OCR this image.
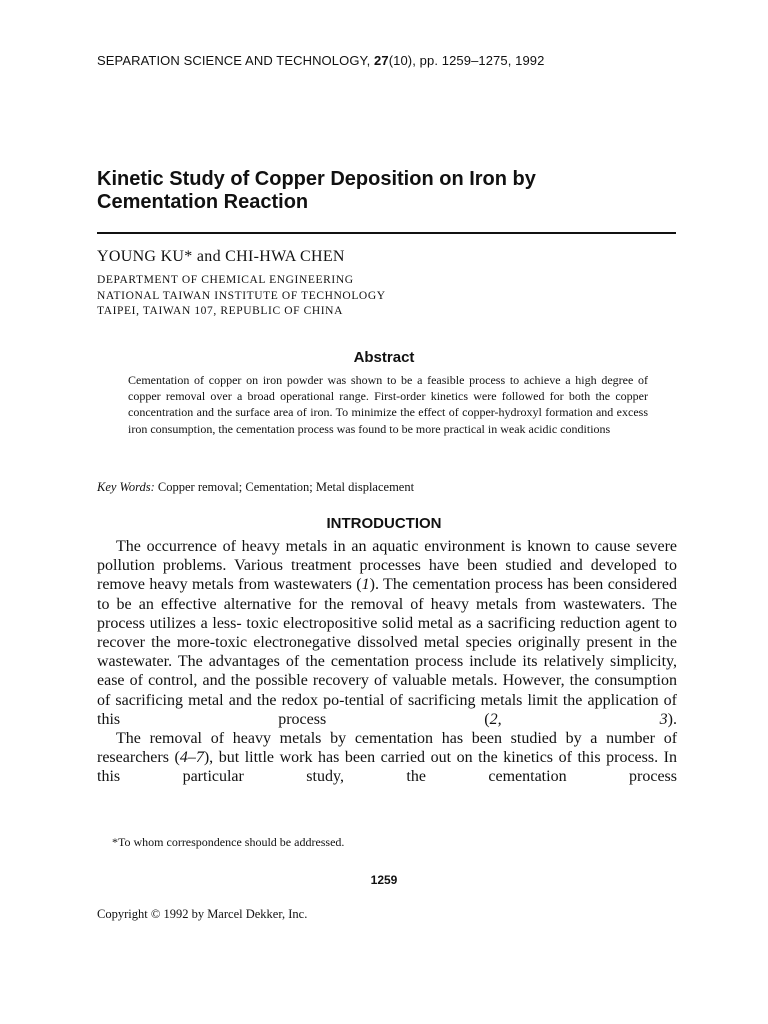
SEPARATION SCIENCE AND TECHNOLOGY, 27(10), pp. 1259–1275, 1992
Kinetic Study of Copper Deposition on Iron by
Cementation Reaction
YOUNG KU* and CHI-HWA CHEN
DEPARTMENT OF CHEMICAL ENGINEERING
NATIONAL TAIWAN INSTITUTE OF TECHNOLOGY
TAIPEI, TAIWAN 107, REPUBLIC OF CHINA
Abstract
Cementation of copper on iron powder was shown to be a feasible process to achieve a high degree of copper removal over a broad operational range. First-order kinetics were followed for both the copper concentration and the surface area of iron. To minimize the effect of copper-hydroxyl formation and excess iron consumption, the cementation process was found to be more practical in weak acidic conditions
Key Words: Copper removal; Cementation; Metal displacement
INTRODUCTION

The occurrence of heavy metals in an aquatic environment is known to cause severe pollution problems. Various treatment processes have been studied and developed to remove heavy metals from wastewaters (1). The cementation process has been considered to be an effective alternative for the removal of heavy metals from wastewaters. The process utilizes a less- toxic electropositive solid metal as a sacrificing reduction agent to recover the more-toxic electronegative dissolved metal species originally present in the wastewater. The advantages of the cementation process include its relatively simplicity, ease of control, and the possible recovery of valuable metals. However, the consumption of sacrificing metal and the redox po-tential of sacrificing metals limit the application of this process (2, 3).

The removal of heavy metals by cementation has been studied by a number of researchers (4–7), but little work has been carried out on the kinetics of this process. In this particular study, the cementation process

*To whom correspondence should be addressed.
1259
Copyright © 1992 by Marcel Dekker, Inc.
